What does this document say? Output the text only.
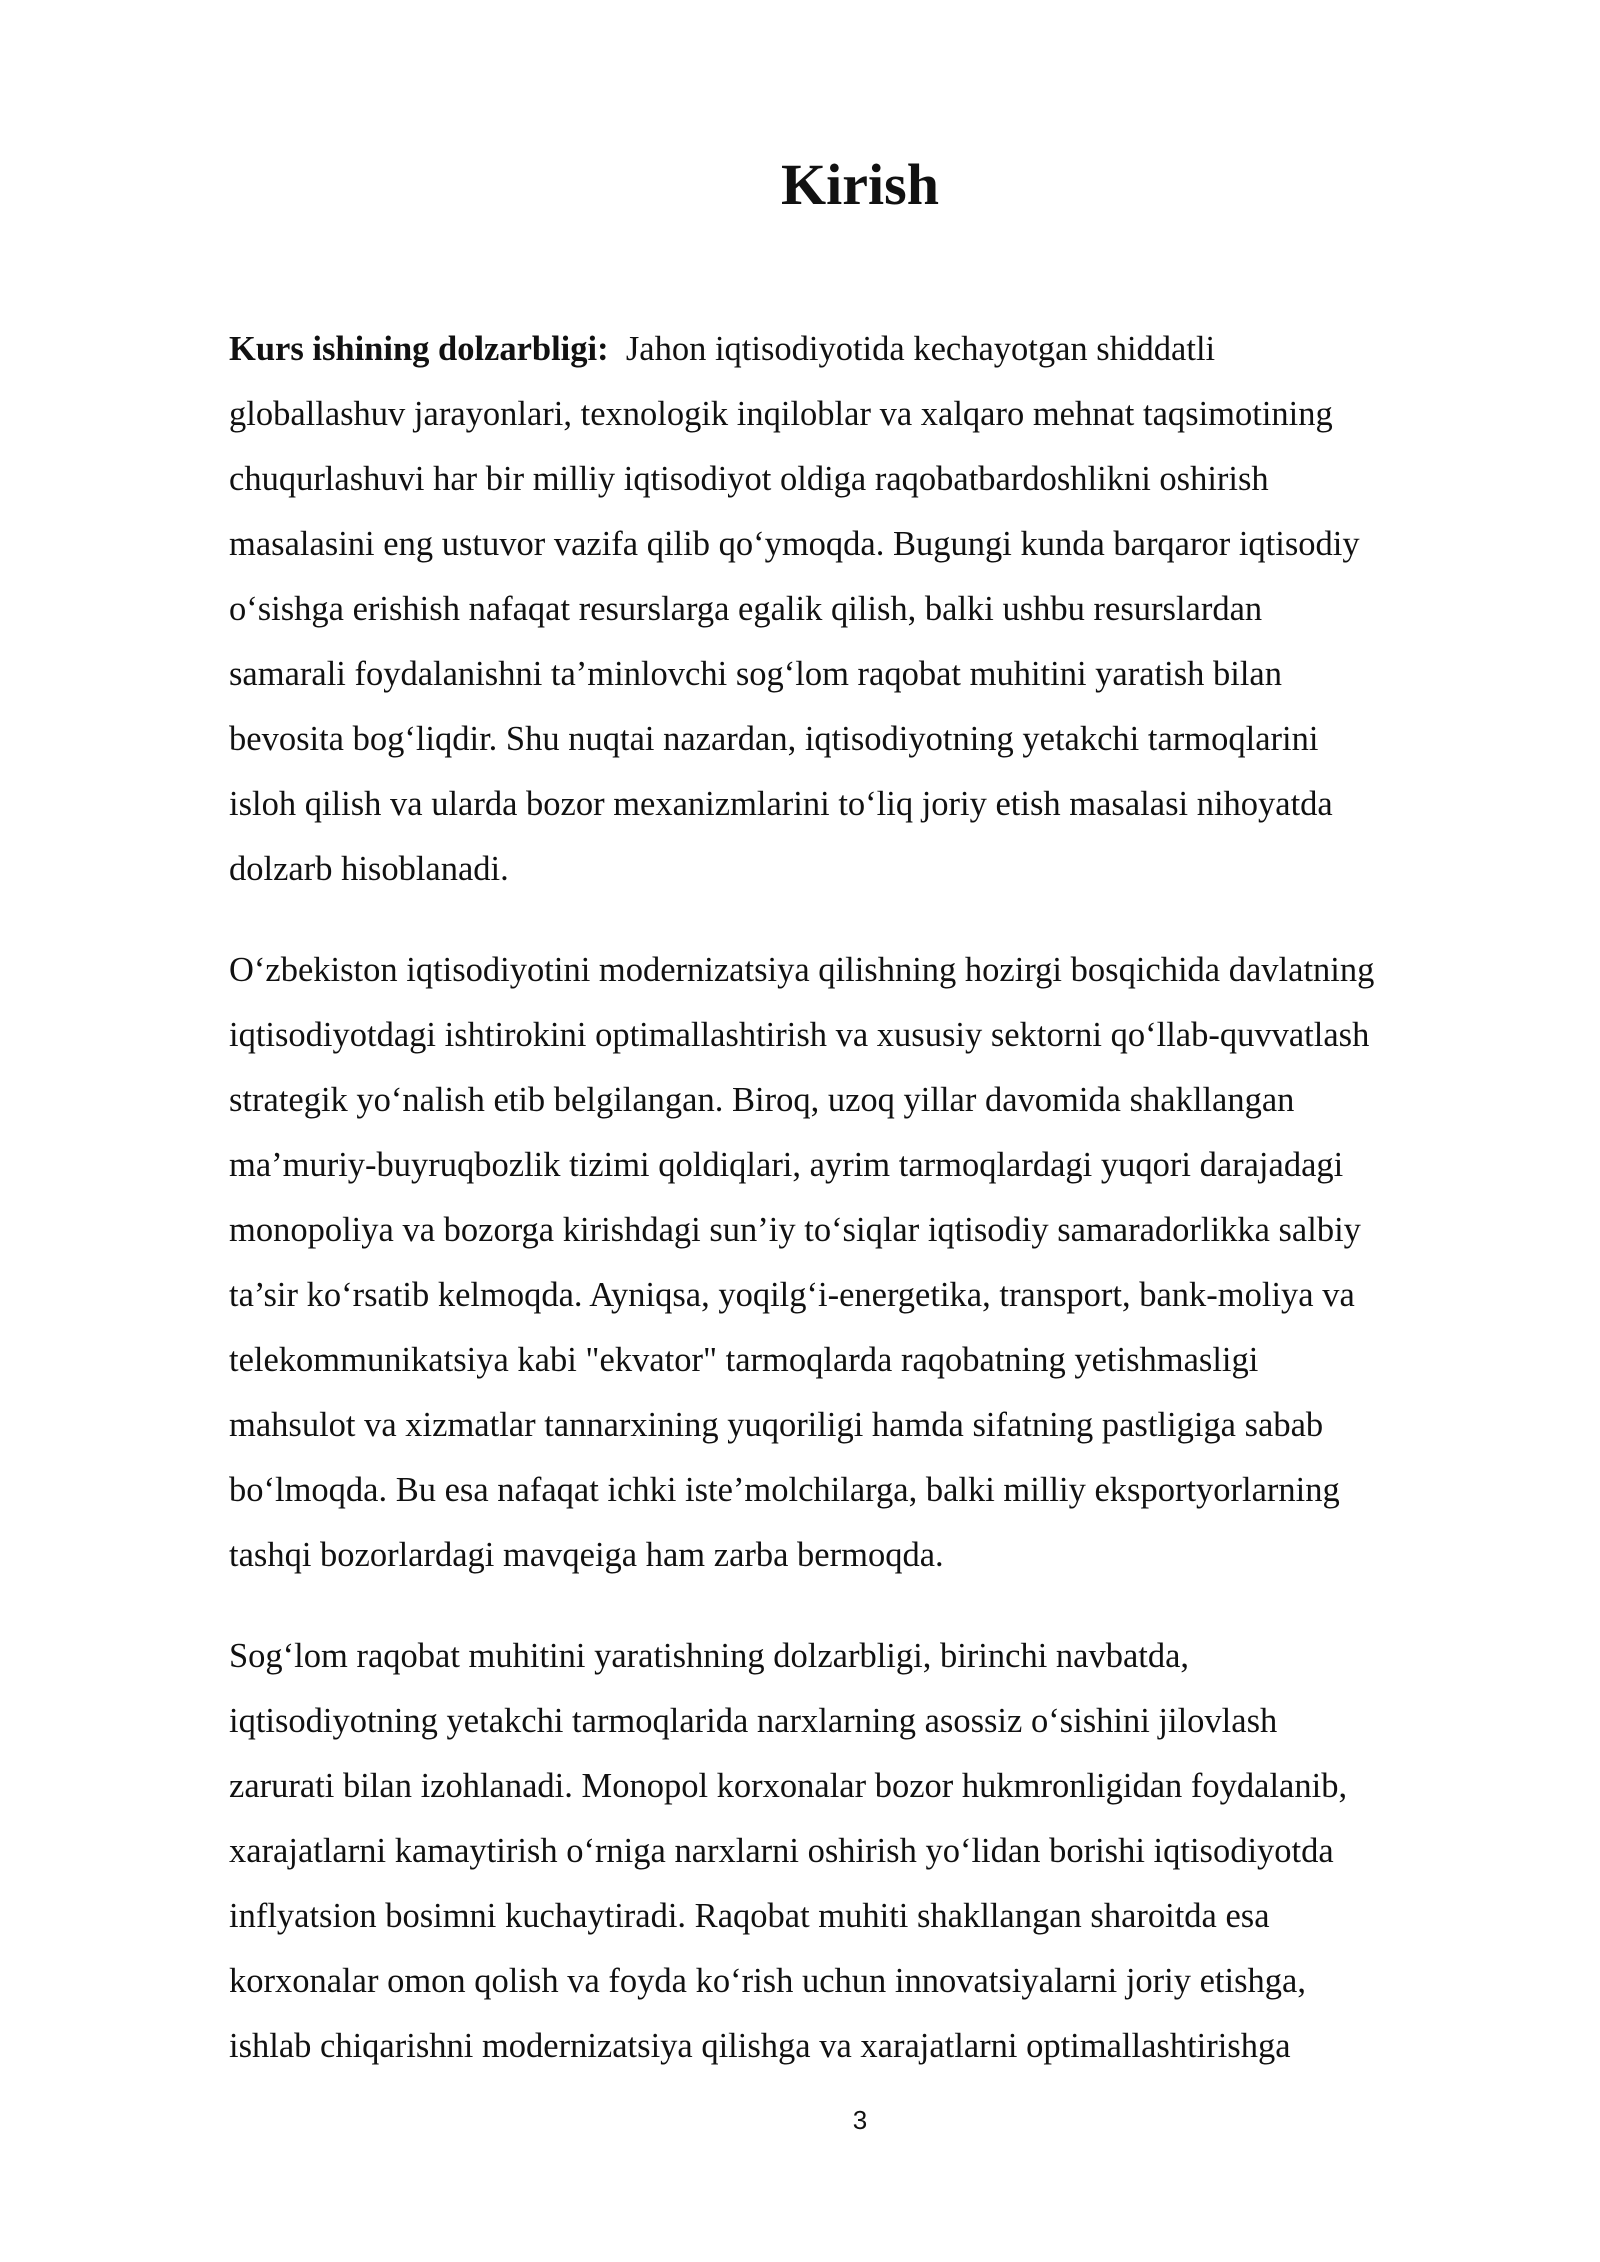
Kirish

Kurs ishining dolzarbligi: Jahon iqtisodiyotida kechayotgan shiddatli
globallashuv jarayonlari, texnologik inqiloblar va xalqaro mehnat taqsimotining
chuqurlashuvi har bir milliy iqtisodiyot oldiga raqobatbardoshlikni oshirish
masalasini eng ustuvor vazifa qilib qo‘ymoqda. Bugungi kunda barqaror iqtisodiy
o‘sishga erishish nafaqat resurslarga egalik qilish, balki ushbu resurslardan
samarali foydalanishni ta’minlovchi sog‘lom raqobat muhitini yaratish bilan
bevosita bog‘liqdir. Shu nuqtai nazardan, iqtisodiyotning yetakchi tarmoqlarini
isloh qilish va ularda bozor mexanizmlarini to‘liq joriy etish masalasi nihoyatda
dolzarb hisoblanadi.

O‘zbekiston iqtisodiyotini modernizatsiya qilishning hozirgi bosqichida davlatning
iqtisodiyotdagi ishtirokini optimallashtirish va xususiy sektorni qo‘llab-quvvatlash
strategik yo‘nalish etib belgilangan. Biroq, uzoq yillar davomida shakllangan
ma’muriy-buyruqbozlik tizimi qoldiqlari, ayrim tarmoqlardagi yuqori darajadagi
monopoliya va bozorga kirishdagi sun’iy to‘siqlar iqtisodiy samaradorlikka salbiy
ta’sir ko‘rsatib kelmoqda. Ayniqsa, yoqilg‘i-energetika, transport, bank-moliya va
telekommunikatsiya kabi "ekvator" tarmoqlarda raqobatning yetishmasligi
mahsulot va xizmatlar tannarxining yuqoriligi hamda sifatning pastligiga sabab
bo‘lmoqda. Bu esa nafaqat ichki iste’molchilarga, balki milliy eksportyorlarning
tashqi bozorlardagi mavqeiga ham zarba bermoqda.

Sog‘lom raqobat muhitini yaratishning dolzarbligi, birinchi navbatda,
iqtisodiyotning yetakchi tarmoqlarida narxlarning asossiz o‘sishini jilovlash
zarurati bilan izohlanadi. Monopol korxonalar bozor hukmronligidan foydalanib,
xarajatlarni kamaytirish o‘rniga narxlarni oshirish yo‘lidan borishi iqtisodiyotda
inflyatsion bosimni kuchaytiradi. Raqobat muhiti shakllangan sharoitda esa
korxonalar omon qolish va foyda ko‘rish uchun innovatsiyalarni joriy etishga,
ishlab chiqarishni modernizatsiya qilishga va xarajatlarni optimallashtirishga

3
